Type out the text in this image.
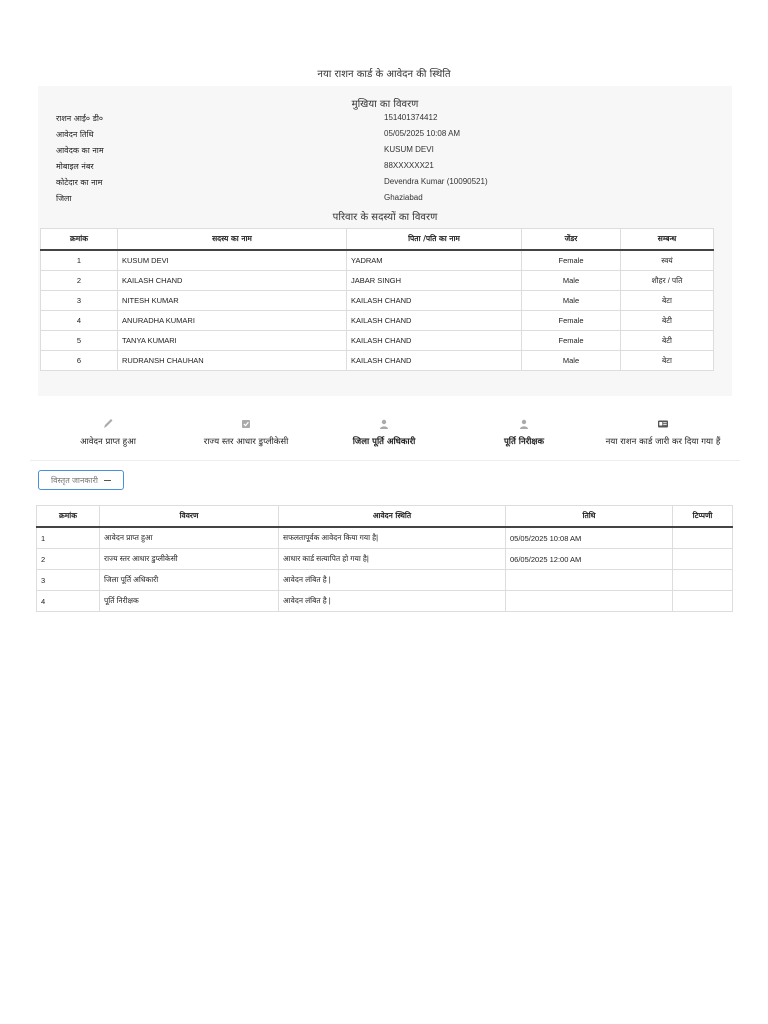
नया राशन कार्ड के आवेदन की स्थिति
मुखिया का विवरण
राशन आई० डी०	151401374412
आवेदन तिथि	05/05/2025 10:08 AM
आवेदक का नाम	KUSUM DEVI
मोबाइल नंबर	88XXXXXX21
कोटेदार का नाम	Devendra Kumar (10090521)
जिला	Ghaziabad
परिवार के सदस्यों का विवरण
क्रमांक	सदस्य का नाम	पिता /पति का नाम	जेंडर	सम्बन्ध
1	KUSUM DEVI	YADRAM	Female	स्वयं
2	KAILASH CHAND	JABAR SINGH	Male	शौहर / पति
3	NITESH KUMAR	KAILASH CHAND	Male	बेटा
4	ANURADHA KUMARI	KAILASH CHAND	Female	बेटी
5	TANYA KUMARI	KAILASH CHAND	Female	बेटी
6	RUDRANSH CHAUHAN	KAILASH CHAND	Male	बेटा
आवेदन प्राप्त हुआ	राज्य स्तर आधार डुप्लीकेसी	जिला पूर्ति अधिकारी	पूर्ति निरीक्षक	नया राशन कार्ड जारी कर दिया गया हैं
विस्तृत जानकारी
क्रमांक	विवरण	आवेदन स्थिति	तिथि	टिप्पणी
1	आवेदन प्राप्त हुआ	सफलतापूर्वक आवेदन किया गया है|	05/05/2025 10:08 AM	
2	राज्य स्तर आधार डुप्लीकेसी	आधार कार्ड सत्यापित हो गया है|	06/05/2025 12:00 AM	
3	जिला पूर्ति अधिकारी	आवेदन लंबित है |		
4	पूर्ति निरीक्षक	आवेदन लंबित है |		
